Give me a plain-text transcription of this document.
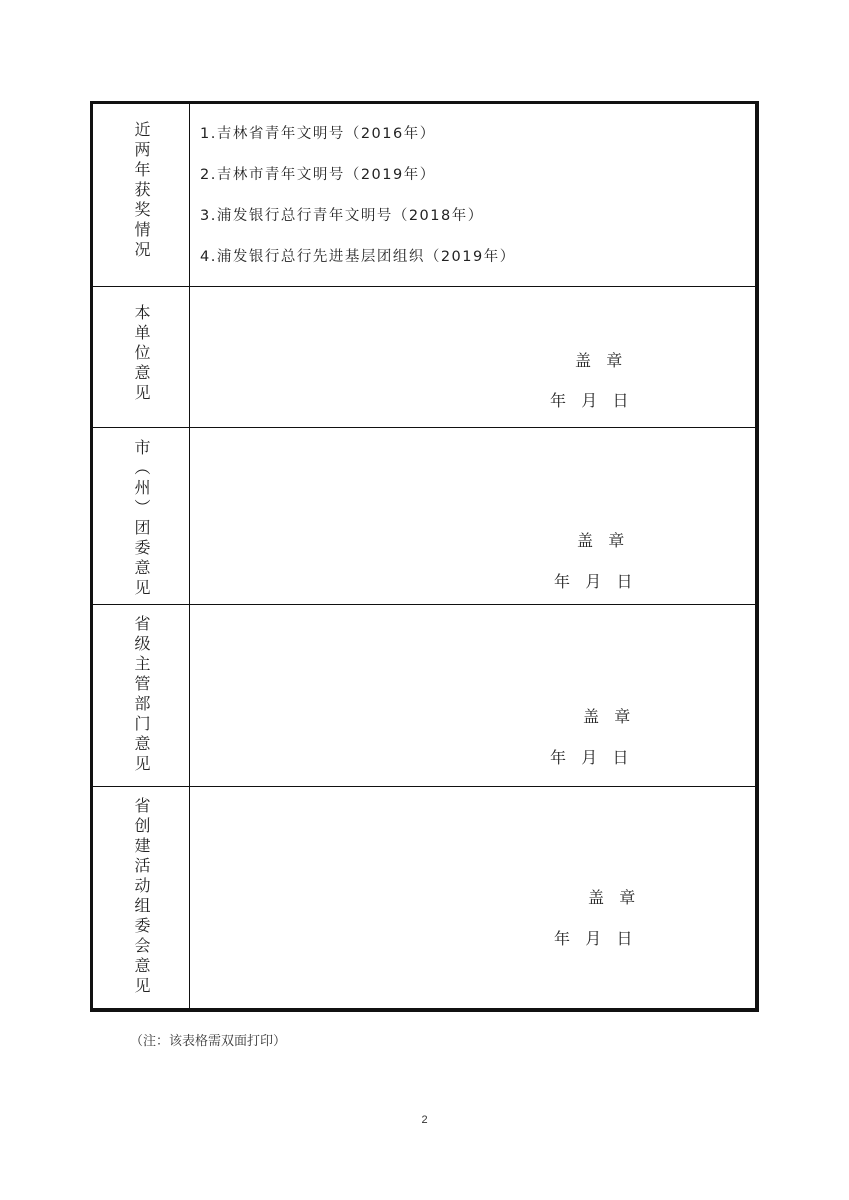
近两年获奖情况	1.吉林省青年文明号（2016年）
2.吉林市青年文明号（2019年）
3.浦发银行总行青年文明号（2018年）
4.浦发银行总行先进基层团组织（2019年）
本单位意见	盖   章
年   月   日
市（州）团委意见	盖   章
年   月   日
省级主管部门意见	盖   章
年   月   日
省创建活动组委会意见	盖   章
年   月   日
（注：该表格需双面打印）
2
